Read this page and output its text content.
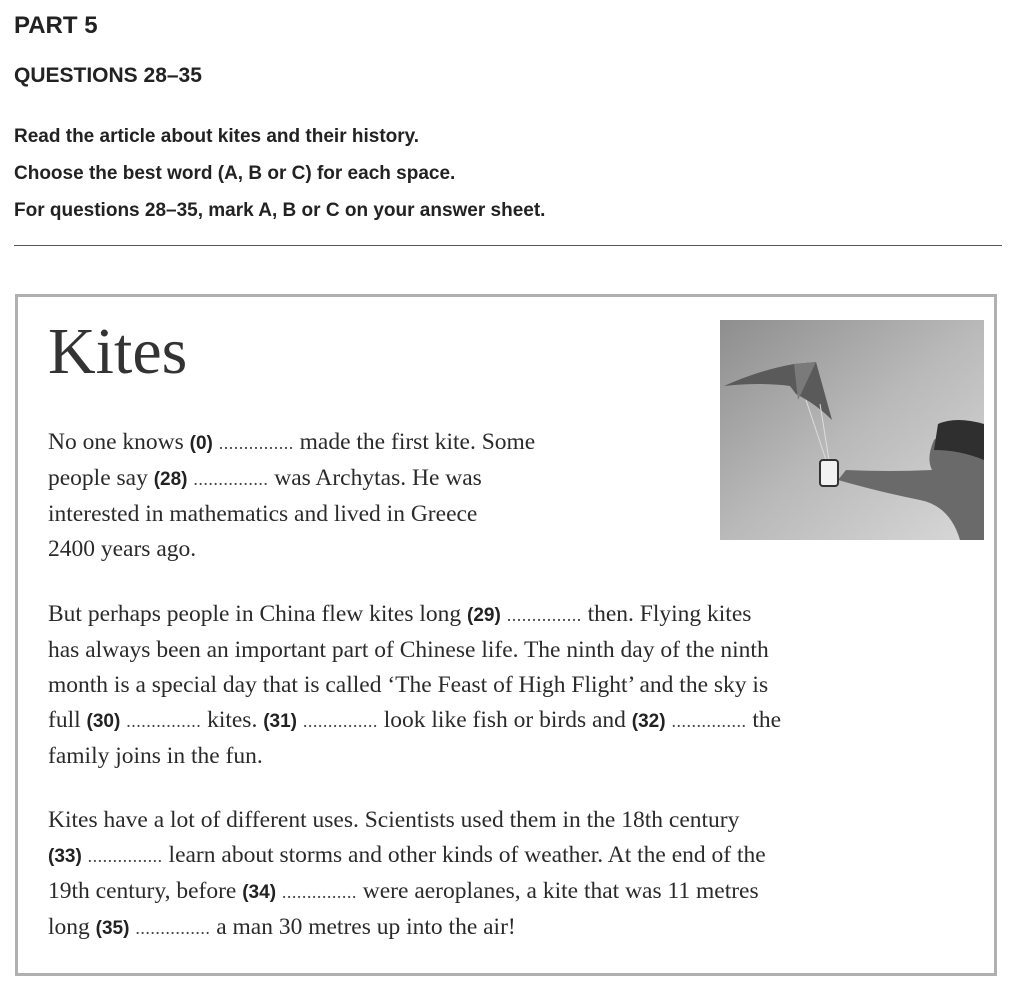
PART 5
QUESTIONS 28–35
Read the article about kites and their history.
Choose the best word (A, B or C) for each space.
For questions 28–35, mark A, B or C on your answer sheet.
Kites
No one knows (0) ............... made the first kite. Some
people say (28) ............... was Archytas. He was
interested in mathematics and lived in Greece
2400 years ago.
But perhaps people in China flew kites long (29) ............... then. Flying kites
has always been an important part of Chinese life. The ninth day of the ninth
month is a special day that is called ‘The Feast of High Flight’ and the sky is
full (30) ............... kites. (31) ............... look like fish or birds and (32) ............... the
family joins in the fun.
Kites have a lot of different uses. Scientists used them in the 18th century
(33) ............... learn about storms and other kinds of weather. At the end of the
19th century, before (34) ............... were aeroplanes, a kite that was 11 metres
long (35) ............... a man 30 metres up into the air!
